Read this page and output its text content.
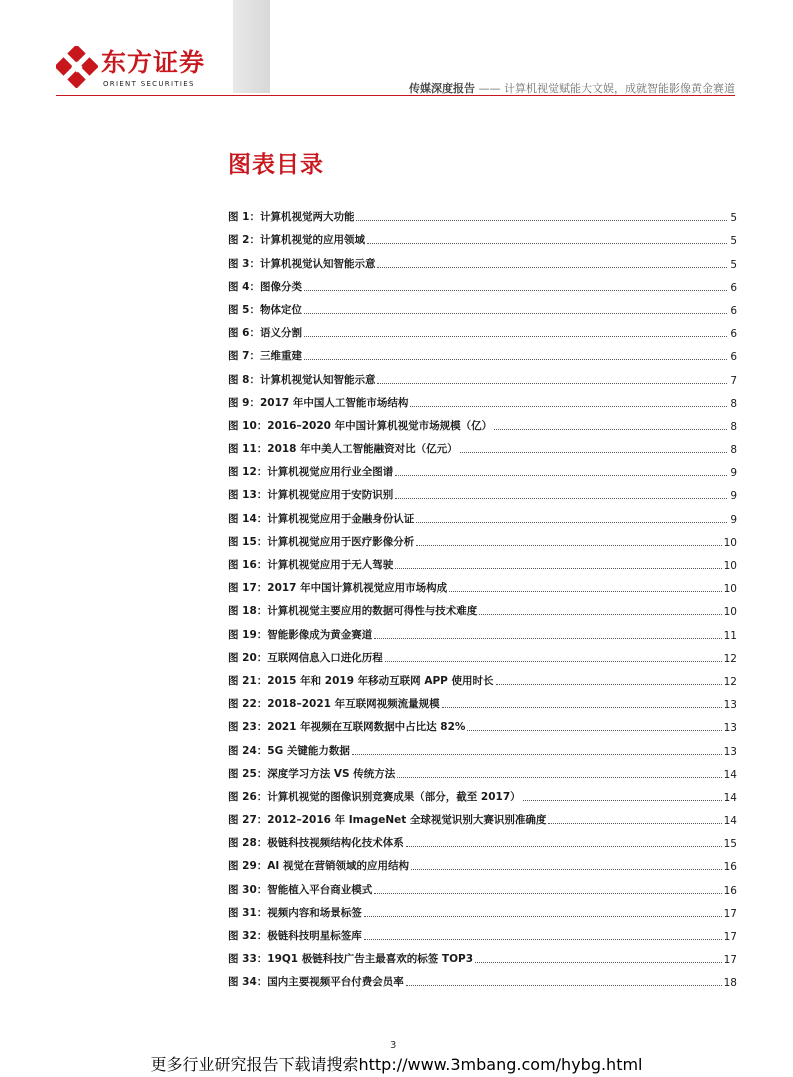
东方证券
ORIENT SECURITIES	传媒深度报告 —— 计算机视觉赋能大文娱，成就智能影像黄金赛道
图表目录
图 1：计算机视觉两大功能	5
图 2：计算机视觉的应用领域	5
图 3：计算机视觉认知智能示意	5
图 4：图像分类	6
图 5：物体定位	6
图 6：语义分割	6
图 7：三维重建	6
图 8：计算机视觉认知智能示意	7
图 9：2017 年中国人工智能市场结构	8
图 10：2016–2020 年中国计算机视觉市场规模（亿）	8
图 11：2018 年中美人工智能融资对比（亿元）	8
图 12：计算机视觉应用行业全图谱	9
图 13：计算机视觉应用于安防识别	9
图 14：计算机视觉应用于金融身份认证	9
图 15：计算机视觉应用于医疗影像分析	10
图 16：计算机视觉应用于无人驾驶	10
图 17：2017 年中国计算机视觉应用市场构成	10
图 18：计算机视觉主要应用的数据可得性与技术难度	10
图 19：智能影像成为黄金赛道	11
图 20：互联网信息入口进化历程	12
图 21：2015 年和 2019 年移动互联网 APP 使用时长	12
图 22：2018–2021 年互联网视频流量规模	13
图 23：2021 年视频在互联网数据中占比达 82%	13
图 24：5G 关键能力数据	13
图 25：深度学习方法 VS 传统方法	14
图 26：计算机视觉的图像识别竞赛成果（部分，截至 2017）	14
图 27：2012–2016 年 ImageNet 全球视觉识别大赛识别准确度	14
图 28：极链科技视频结构化技术体系	15
图 29：AI 视觉在营销领域的应用结构	16
图 30：智能植入平台商业模式	16
图 31：视频内容和场景标签	17
图 32：极链科技明星标签库	17
图 33：19Q1 极链科技广告主最喜欢的标签 TOP3	17
图 34：国内主要视频平台付费会员率	18
3
更多行业研究报告下载请搜索http://www.3mbang.com/hybg.html
